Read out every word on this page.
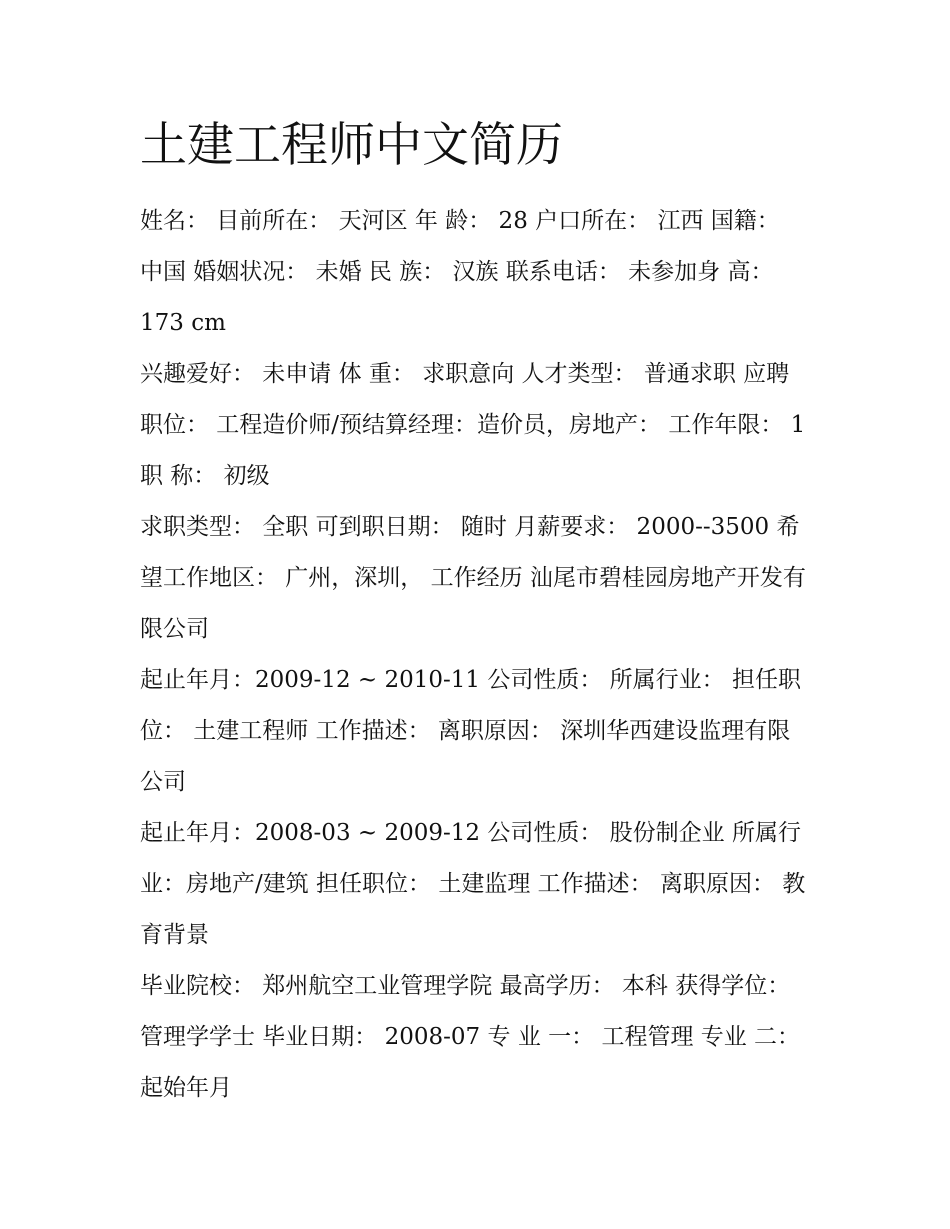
土建工程师中文简历

姓名： 目前所在： 天河区 年 龄： 28 户口所在： 江西 国籍： 中国 婚姻状况： 未婚 民 族： 汉族 联系电话： 未参加身 高： 173 cm

兴趣爱好： 未申请 体 重： 求职意向 人才类型： 普通求职 应聘职位： 工程造价师/预结算经理：造价员，房地产： 工作年限： 1 职 称： 初级

求职类型： 全职 可到职日期： 随时 月薪要求： 2000--3500 希望工作地区： 广州，深圳， 工作经历 汕尾市碧桂园房地产开发有限公司

起止年月：2009-12 ~ 2010-11 公司性质： 所属行业： 担任职位： 土建工程师 工作描述： 离职原因： 深圳华西建设监理有限公司

起止年月：2008-03 ~ 2009-12 公司性质： 股份制企业 所属行业：房地产/建筑 担任职位： 土建监理 工作描述： 离职原因： 教育背景

毕业院校： 郑州航空工业管理学院 最高学历： 本科 获得学位： 管理学学士 毕业日期： 2008-07 专 业 一： 工程管理 专业 二： 起始年月
